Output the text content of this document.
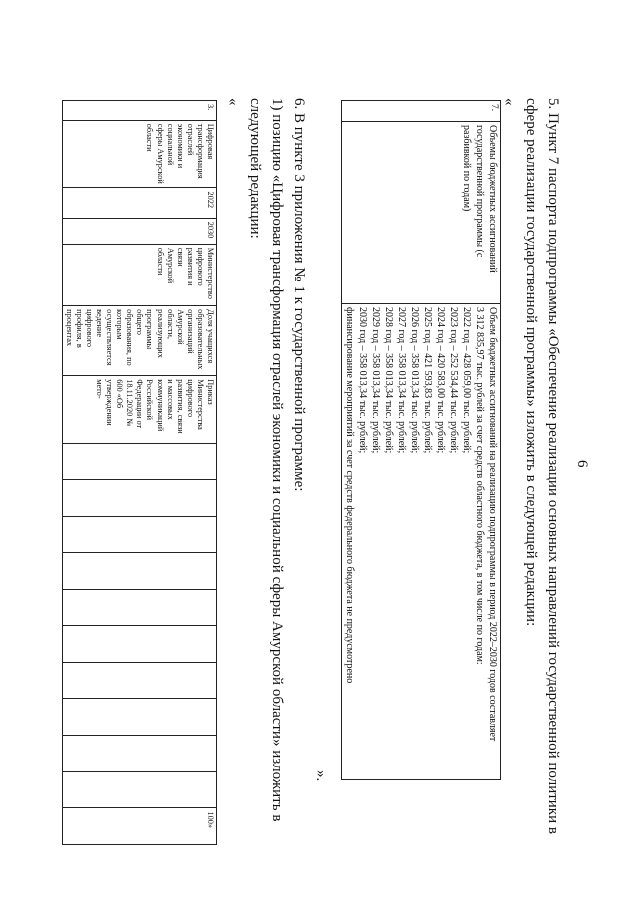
6
5. Пункт 7 паспорта подпрограммы «Обеспечение реализации основных направлений государственной политики в
сфере реализации государственной программы» изложить в следующей редакции:
«
7.	Объемы бюджетных ассигнований государственной программы (с разбивкой по годам)	
Объем бюджетных ассигнований на реализацию подпрограммы в период 2022–2030 годов составляет
3 312 835,97 тыс. рублей за счет средств областного бюджета, в том числе по годам:
2022 год – 428 059,00 тыс. рублей;
2023 год – 252 534,44 тыс. рублей;
2024 год – 420 583,00 тыс. рублей;
2025 год – 421 593,83 тыс. рублей;
2026 год – 358 013,34 тыс. рублей;
2027 год – 358 013,34 тыс. рублей;
2028 год – 358 013,34 тыс. рублей;
2029 год – 358 013,34 тыс. рублей;
2030 год – 358 013,34 тыс. рублей;
финансирование мероприятий за счет средств федерального бюджета не предусмотрено
».
6. В пункте 3 приложения № 1 к государственной программе:
1) позицию «Цифровая трансформация отраслей экономики и социальной сферы Амурской области» изложить в
следующей редакции:
«
3.	Цифровая трансформация отраслей экономики и социальной сферы Амурской области	2022	2030	Министерство цифрового развития и связи Амурской области	Доля учащихся образовательных организаций Амурской области, реализующих программы общего образования, по которым осуществляется ведение цифрового профиля, в процентах	Приказ Министерства цифрового развития, связи и массовых коммуникаций Российской Федерации от 18.11.2020 № 600 «Об утверждении мето-											100»
